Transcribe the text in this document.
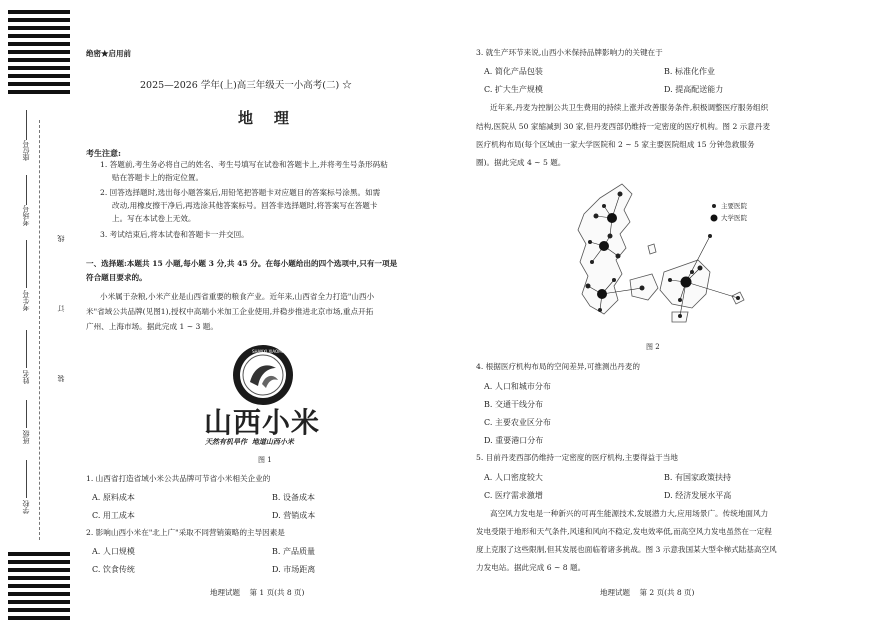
座位号
考场号
考生号
姓名
班级
学校
线
订
装
绝密★启用前
2025—2026 学年(上)高三年级天一小高考(二) ☆
地    理
考生注意:
1. 答题前,考生务必将自己的姓名、考生号填写在试卷和答题卡上,并将考生号条形码粘
贴在答题卡上的指定位置。
2. 回答选择题时,选出每小题答案后,用铅笔把答题卡对应题目的答案标号涂黑。如需
改动,用橡皮擦干净后,再选涂其他答案标号。回答非选择题时,将答案写在答题卡
上。写在本试卷上无效。
3. 考试结束后,将本试卷和答题卡一并交回。
一、选择题:本题共 15 小题,每小题 3 分,共 45 分。在每小题给出的四个选项中,只有一项是
符合题目要求的。
小米属于杂粮,小米产业是山西省重要的粮食产业。近年来,山西省全力打造"山西小
米"省域公共品牌(见图1),授权中高端小米加工企业使用,并稳步推进北京市场,重点开拓
广州、上海市场。据此完成 1 ~ 3 题。
SHANXI XIAOMI
山西小米
天然有机旱作  地道山西小米
图 1
1. 山西省打造省域小米公共品牌可节省小米相关企业的
A. 原料成本	B. 设备成本
C. 用工成本	D. 营销成本
2. 影响山西小米在"北上广"采取不同营销策略的主导因素是
A. 人口规模	B. 产品质量
C. 饮食传统	D. 市场距离
地理试题    第 1 页(共 8 页)
3. 就生产环节来说,山西小米保持品牌影响力的关键在于
A. 简化产品包装	B. 标准化作业
C. 扩大生产规模	D. 提高配送能力
近年来,丹麦为控制公共卫生费用的持续上涨并改善服务条件,积极调整医疗服务组织
结构,医院从 50 家缩减到 30 家,但丹麦西部仍维持一定密度的医疗机构。图 2 示意丹麦
医疗机构布局(每个区域由一家大学医院和 2 ~ 5 家主要医院组成 15 分钟急救服务
圈)。据此完成 4 ~ 5 题。
主要医院
大学医院
图 2
4. 根据医疗机构布局的空间差异,可推测出丹麦的
A. 人口和城市分布
B. 交通干线分布
C. 主要农业区分布
D. 重要港口分布
5. 目前丹麦西部仍维持一定密度的医疗机构,主要得益于当地
A. 人口密度较大	B. 有国家政策扶持
C. 医疗需求激增	D. 经济发展水平高
高空风力发电是一种新兴的可再生能源技术,发展潜力大,应用场景广。传统地面风力
发电受限于地形和天气条件,风速和风向不稳定,发电效率低,而高空风力发电虽然在一定程
度上克服了这些限制,但其发展也面临着诸多挑战。图 3 示意我国某大型伞梯式陆基高空风
力发电站。据此完成 6 ~ 8 题。
地理试题    第 2 页(共 8 页)
